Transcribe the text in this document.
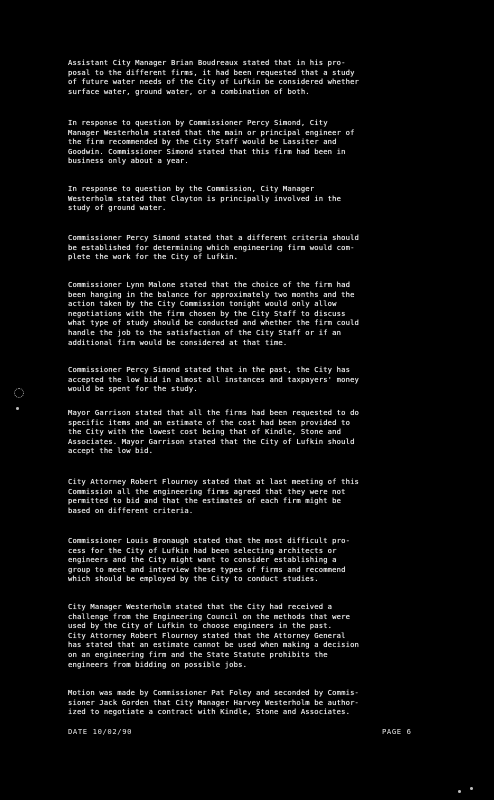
Assistant City Manager Brian Boudreaux stated that in his pro-
posal to the different firms, it had been requested that a study
of future water needs of the City of Lufkin be considered whether
surface water, ground water, or a combination of both.
In response to question by Commissioner Percy Simond, City
Manager Westerholm stated that the main or principal engineer of
the firm recommended by the City Staff would be Lassiter and
Goodwin. Commissioner Simond stated that this firm had been in
business only about a year.
In response to question by the Commission, City Manager
Westerholm stated that Clayton is principally involved in the
study of ground water.
Commissioner Percy Simond stated that a different criteria should
be established for determining which engineering firm would com-
plete the work for the City of Lufkin.
Commissioner Lynn Malone stated that the choice of the firm had
been hanging in the balance for approximately two months and the
action taken by the City Commission tonight would only allow
negotiations with the firm chosen by the City Staff to discuss
what type of study should be conducted and whether the firm could
handle the job to the satisfaction of the City Staff or if an
additional firm would be considered at that time.
Commissioner Percy Simond stated that in the past, the City has
accepted the low bid in almost all instances and taxpayers' money
would be spent for the study.
Mayor Garrison stated that all the firms had been requested to do
specific items and an estimate of the cost had been provided to
the City with the lowest cost being that of Kindle, Stone and
Associates. Mayor Garrison stated that the City of Lufkin should
accept the low bid.
City Attorney Robert Flournoy stated that at last meeting of this
Commission all the engineering firms agreed that they were not
permitted to bid and that the estimates of each firm might be
based on different criteria.
Commissioner Louis Bronaugh stated that the most difficult pro-
cess for the City of Lufkin had been selecting architects or
engineers and the City might want to consider establishing a
group to meet and interview these types of firms and recommend
which should be employed by the City to conduct studies.
City Manager Westerholm stated that the City had received a
challenge from the Engineering Council on the methods that were
used by the City of Lufkin to choose engineers in the past.
City Attorney Robert Flournoy stated that the Attorney General
has stated that an estimate cannot be used when making a decision
on an engineering firm and the State Statute prohibits the
engineers from bidding on possible jobs.
Motion was made by Commissioner Pat Foley and seconded by Commis-
sioner Jack Gorden that City Manager Harvey Westerholm be author-
ized to negotiate a contract with Kindle, Stone and Associates.
DATE 10/02/90	PAGE 6
